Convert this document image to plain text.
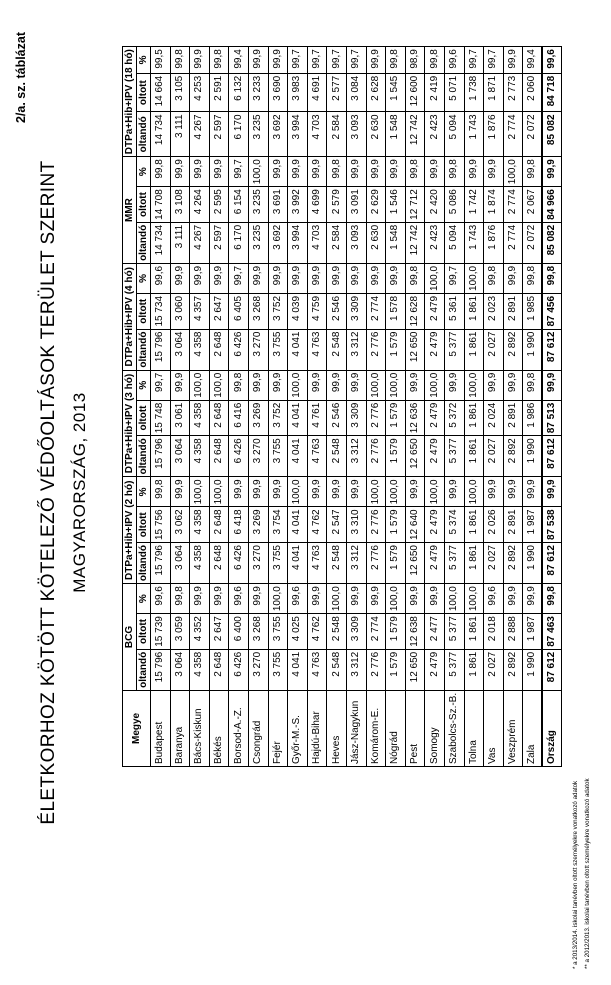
2/a. sz. táblázat
ÉLETKORHOZ KÖTÖTT KÖTELEZŐ VÉDŐOLTÁSOK TERÜLET SZERINT MAGYARORSZÁG, 2013
Megye	BCG			DTPa+Hib+IPV (2 hó)			DTPa+Hib+IPV (3 hó)			DTPa+Hib+IPV (4 hó)			MMR			DTPa+Hib+IPV (18 hó)		
	oltandó	oltott	%	oltandó	oltott	%	oltandó	oltott	%	oltandó	oltott	%	oltandó	oltott	%	oltandó	oltott	%
Budapest	15 796	15 739	99,6	15 796	15 756	99,8	15 796	15 748	99,7	15 796	15 734	99,6	14 734	14 708	99,8	14 734	14 664	99,5
Baranya	3 064	3 059	99,8	3 064	3 062	99,9	3 064	3 061	99,9	3 064	3 060	99,9	3 111	3 108	99,9	3 111	3 105	99,8
Bács-Kiskun	4 358	4 352	99,9	4 358	4 358	100,0	4 358	4 358	100,0	4 358	4 357	99,9	4 267	4 264	99,9	4 267	4 253	99,9
Békés	2 648	2 647	99,9	2 648	2 648	100,0	2 648	2 648	100,0	2 648	2 647	99,9	2 597	2 595	99,9	2 597	2 591	99,8
Borsod-A.-Z.	6 426	6 400	99,6	6 426	6 418	99,9	6 426	6 416	99,8	6 426	6 405	99,7	6 170	6 154	99,7	6 170	6 132	99,4
Csongrád	3 270	3 268	99,9	3 270	3 269	99,9	3 270	3 269	99,9	3 270	3 268	99,9	3 235	3 235	100,0	3 235	3 233	99,9
Fejér	3 755	3 755	100,0	3 755	3 754	99,9	3 755	3 752	99,9	3 755	3 752	99,9	3 692	3 691	99,9	3 692	3 690	99,9
Győr-M.-S.	4 041	4 025	99,6	4 041	4 041	100,0	4 041	4 041	100,0	4 041	4 039	99,9	3 994	3 992	99,9	3 994	3 983	99,7
Hajdú-Bihar	4 763	4 762	99,9	4 763	4 762	99,9	4 763	4 761	99,9	4 763	4 759	99,9	4 703	4 699	99,9	4 703	4 691	99,7
Heves	2 548	2 548	100,0	2 548	2 547	99,9	2 548	2 546	99,9	2 548	2 546	99,9	2 584	2 579	99,8	2 584	2 577	99,7
Jász-Nagykun	3 312	3 309	99,9	3 312	3 310	99,9	3 312	3 309	99,9	3 312	3 309	99,9	3 093	3 091	99,9	3 093	3 084	99,7
Komárom-E.	2 776	2 774	99,9	2 776	2 776	100,0	2 776	2 776	100,0	2 776	2 774	99,9	2 630	2 629	99,9	2 630	2 628	99,9
Nógrád	1 579	1 579	100,0	1 579	1 579	100,0	1 579	1 579	100,0	1 579	1 578	99,9	1 548	1 546	99,9	1 548	1 545	99,8
Pest	12 650	12 638	99,9	12 650	12 640	99,9	12 650	12 636	99,9	12 650	12 628	99,8	12 742	12 712	99,8	12 742	12 600	98,9
Somogy	2 479	2 477	99,9	2 479	2 479	100,0	2 479	2 479	100,0	2 479	2 479	100,0	2 423	2 420	99,9	2 423	2 419	99,8
Szabolcs-Sz.-B.	5 377	5 377	100,0	5 377	5 374	99,9	5 377	5 372	99,9	5 377	5 361	99,7	5 094	5 086	99,8	5 094	5 071	99,6
Tolna	1 861	1 861	100,0	1 861	1 861	100,0	1 861	1 861	100,0	1 861	1 861	100,0	1 743	1 742	99,9	1 743	1 738	99,7
Vas	2 027	2 018	99,6	2 027	2 026	99,9	2 027	2 024	99,9	2 027	2 023	99,8	1 876	1 874	99,9	1 876	1 871	99,7
Veszprém	2 892	2 888	99,9	2 892	2 891	99,9	2 892	2 891	99,9	2 892	2 891	99,9	2 774	2 774	100,0	2 774	2 773	99,9
Zala	1 990	1 987	99,9	1 990	1 987	99,9	1 990	1 986	99,8	1 990	1 985	99,8	2 072	2 067	99,8	2 072	2 060	99,4
Ország	87 612	87 463	99,8	87 612	87 538	99,9	87 612	87 513	99,9	87 612	87 456	99,8	85 082	84 966	99,9	85 082	84 718	99,6
* a 2013/2014. iskolai tanévben oltott személyekre vonatkozó adatok ** a 2012/2013. iskolai tanévben oltott személyekre vonatkozó adatok
